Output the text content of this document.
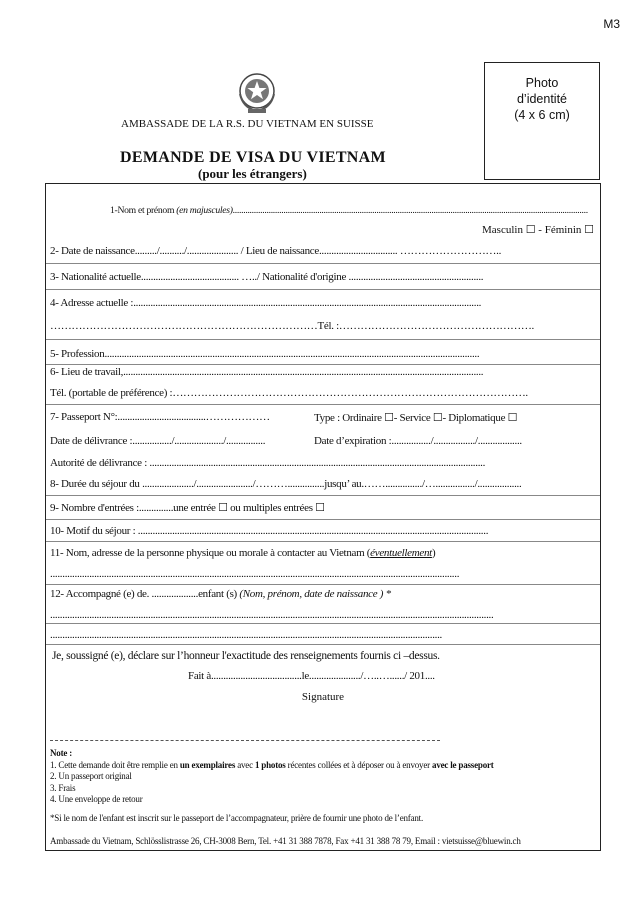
M3
AMBASSADE DE LA R.S. DU VIETNAM EN SUISSE
DEMANDE DE VISA DU VIETNAM
(pour les étrangers)
Photo
d’identité
(4 x 6 cm)
1-Nom et prénom (en majuscules)........................................................................................................................................................................
Masculin ☐ - Féminin ☐
2- Date de naissance........./........../..................... / Lieu de naissance................................ ………………………..
3- Nationalité actuelle........................................ …../ Nationalité d'origine .......................................................
4- Adresse actuelle :..............................................................................................................................................
…………………………………………………………………Tél. :……………………………………………….
5- Profession.........................................................................................................................................................
6- Lieu de travail,...................................................................................................................................................
Tél. (portable de préférence) :……………………………………………………………………………………….
7- Passeport N°:....................................………………	Type : Ordinaire ☐- Service ☐- Diplomatique ☐
Date de délivrance :................/..................../................	Date d’expiration :................/................./..................
Autorité de délivrance : .........................................................................................................................................
8- Durée du séjour du ...................../......................./………...............jusqu’ au.…….............../…................/..................
9- Nombre d'entrées :..............une entrée ☐ ou multiples entrées ☐
10- Motif du séjour : ...............................................................................................................................................
11- Nom, adresse de la personne physique ou morale à contacter au Vietnam (éventuellement)
.......................................................................................................................................................................
12- Accompagné (e) de. ...................enfant (s) (Nom, prénom, date de naissance ) *
.....................................................................................................................................................................................
................................................................................................................................................................
Je, soussigné (e), déclare sur l’honneur l'exactitude des renseignements fournis ci –dessus.
Fait à.....................................le...................../…..…....../ 201....
Signature
Note :
1. Cette demande doit être remplie en un exemplaires avec 1 photos récentes collées et à déposer ou à envoyer avec le passeport
2. Un passeport original
3. Frais
4. Une enveloppe de retour
*Si le nom de l'enfant est inscrit sur le passeport de l’accompagnateur, prière de fournir une photo de l’enfant.
Ambassade du Vietnam, Schlösslistrasse 26, CH-3008 Bern, Tel. +41 31 388 7878, Fax +41 31 388 78 79, Email : vietsuisse@bluewin.ch
